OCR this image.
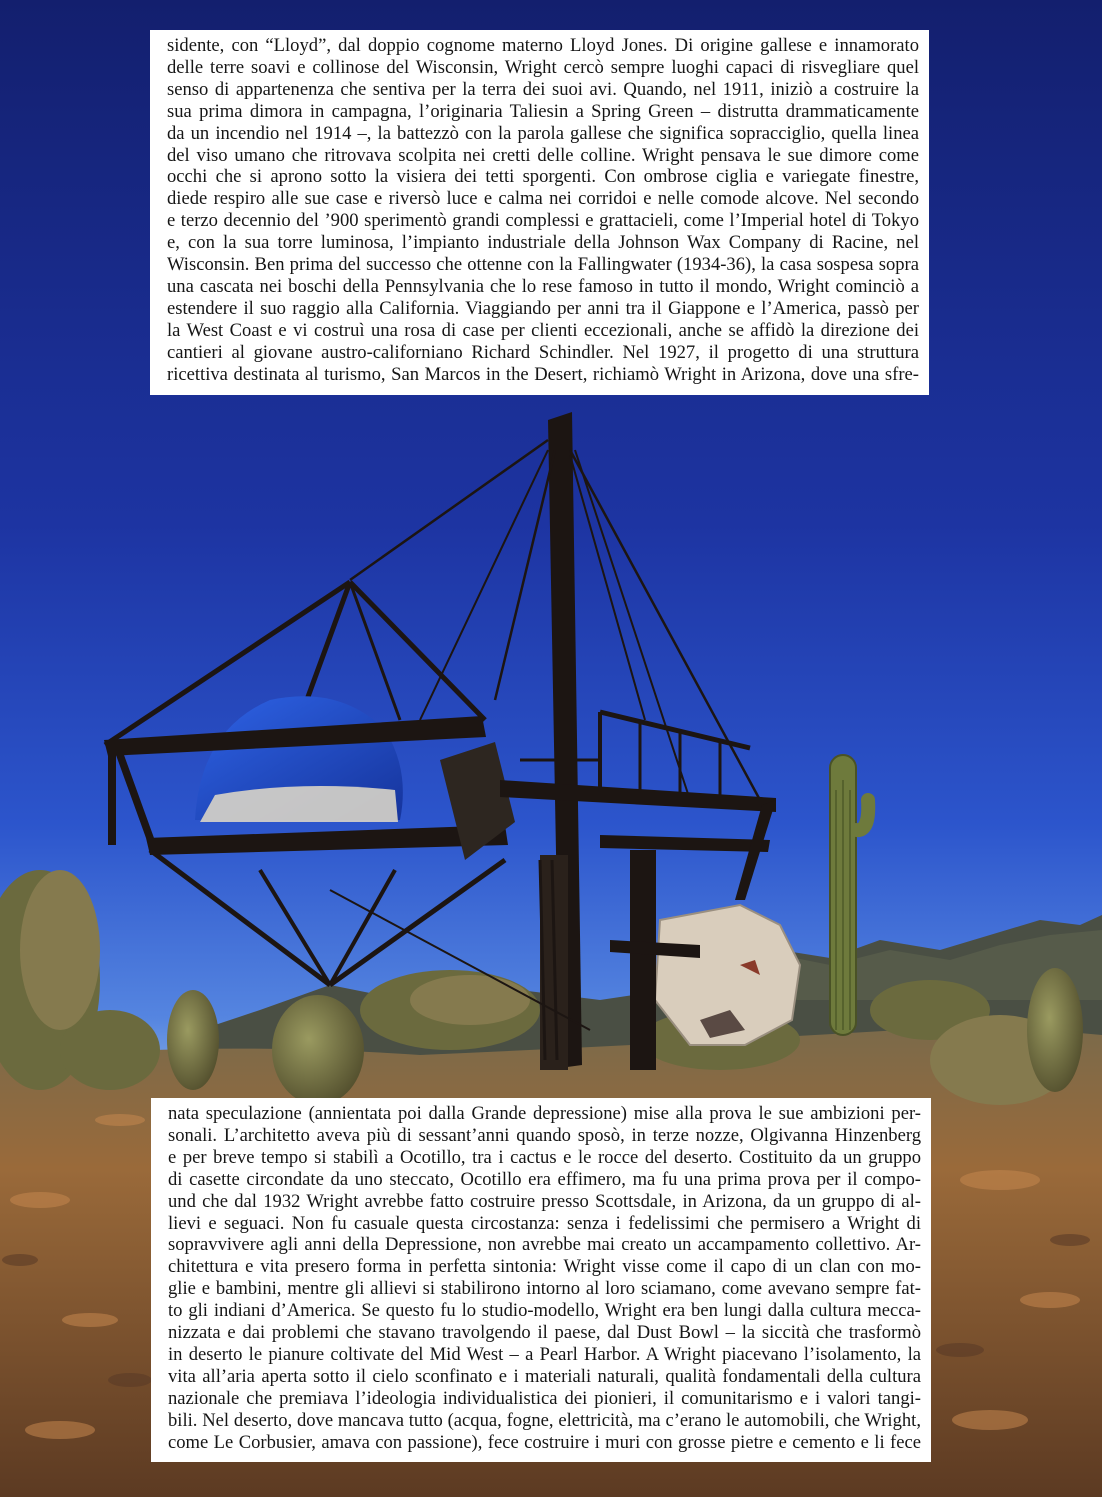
sidente, con “Lloyd”, dal doppio cognome materno Lloyd Jones. Di origine gallese e innamorato

delle terre soavi e collinose del Wisconsin, Wright cercò sempre luoghi capaci di risvegliare quel

senso di appartenenza che sentiva per la terra dei suoi avi. Quando, nel 1911, iniziò a costruire la

sua prima dimora in campagna, l’originaria Taliesin a Spring Green – distrutta drammaticamente

da un incendio nel 1914 –, la battezzò con la parola gallese che significa sopracciglio, quella linea

del viso umano che ritrovava scolpita nei cretti delle colline. Wright pensava le sue dimore come

occhi che si aprono sotto la visiera dei tetti sporgenti. Con ombrose ciglia e variegate finestre,

diede respiro alle sue case e riversò luce e calma nei corridoi e nelle comode alcove. Nel secondo

e terzo decennio del ’900 sperimentò grandi complessi e grattacieli, come l’Imperial hotel di Tokyo

e, con la sua torre luminosa, l’impianto industriale della Johnson Wax Company di Racine, nel

Wisconsin. Ben prima del successo che ottenne con la Fallingwater (1934-36), la casa sospesa sopra

una cascata nei boschi della Pennsylvania che lo rese famoso in tutto il mondo, Wright cominciò a

estendere il suo raggio alla California. Viaggiando per anni tra il Giappone e l’America, passò per

la West Coast e vi costruì una rosa di case per clienti eccezionali, anche se affidò la direzione dei

cantieri al giovane austro-californiano Richard Schindler. Nel 1927, il progetto di una struttura

ricettiva destinata al turismo, San Marcos in the Desert, richiamò Wright in Arizona, dove una sfre-

nata speculazione (annientata poi dalla Grande depressione) mise alla prova le sue ambizioni per-

sonali. L’architetto aveva più di sessant’anni quando sposò, in terze nozze, Olgivanna Hinzenberg

e per breve tempo si stabilì a Ocotillo, tra i cactus e le rocce del deserto. Costituito da un gruppo

di casette circondate da uno steccato, Ocotillo era effimero, ma fu una prima prova per il compo-

und che dal 1932 Wright avrebbe fatto costruire presso Scottsdale, in Arizona, da un gruppo di al-

lievi e seguaci. Non fu casuale questa circostanza: senza i fedelissimi che permisero a Wright di

sopravvivere agli anni della Depressione, non avrebbe mai creato un accampamento collettivo. Ar-

chitettura e vita presero forma in perfetta sintonia: Wright visse come il capo di un clan con mo-

glie e bambini, mentre gli allievi si stabilirono intorno al loro sciamano, come avevano sempre fat-

to gli indiani d’America. Se questo fu lo studio-modello, Wright era ben lungi dalla cultura mecca-

nizzata e dai problemi che stavano travolgendo il paese, dal Dust Bowl – la siccità che trasformò

in deserto le pianure coltivate del Mid West – a Pearl Harbor. A Wright piacevano l’isolamento, la

vita all’aria aperta sotto il cielo sconfinato e i materiali naturali, qualità fondamentali della cultura

nazionale che premiava l’ideologia individualistica dei pionieri, il comunitarismo e i valori tangi-

bili. Nel deserto, dove mancava tutto (acqua, fogne, elettricità, ma c’erano le automobili, che Wright,

come Le Corbusier, amava con passione), fece costruire i muri con grosse pietre e cemento e li fece
